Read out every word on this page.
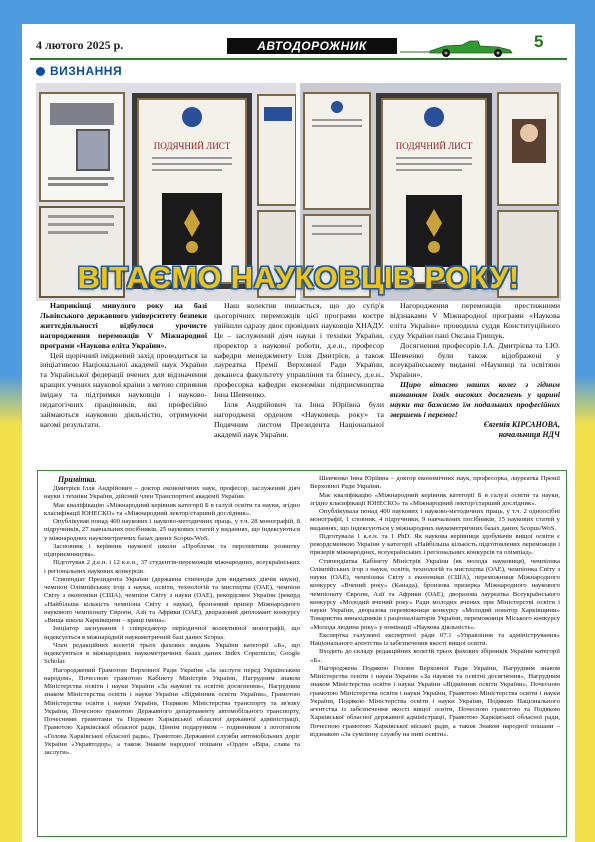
4 лютого 2025 р.	АВТОДОРОЖНИК	5
ВИЗНАННЯ
ПОДЯЧНИЙ ЛИСТ	ПОДЯЧНИЙ ЛИСТ
ВІТАЄМО НАУКОВЦІВ РОКУ!

Наприкінці минулого року на базі Львівського державного університету безпеки життєдіяльності відбулося урочисте нагородження переможців V Міжнародної програми «Наукова еліта України».

Цей щорічний іміджевий захід проводиться за ініціативою Національної академії наук України та Української федерації вчених для відзначення кращих учених наукової країни з метою сприяння іміджу та підтримки науковців і науково-педагогічних працівників, які професійно займаються науковою діяльністю, отримуючи вагомі результати.

Наш колектив пишається, що до суґір'я цьогорічних переможців цієї програми коєтре увійшли одразу двоє провідних науковців ХНАДУ. Це – заслужений діяч науки і техніки України, проректор з наукової роботи, д.е.н., професор кафедри менеджменту Ілля Дмитрієв, а також лауреатка Премії Верховної Ради України, деканеса факультету управління та бізнесу, д.е.н., професорка кафедри економіки підприємництва Інна Шевченко.

Ілля Андрійович та Інна Юріївна були нагороджені орденом «Науковець року» та Подячним листом Президента Національної академії наук України.

Нагородження переможців престижними відзнаками V Міжнародної програми «Наукова еліта України» проводила суддя Конституційного суду України пані Оксана Грищук.

Досягнення професорів І.А. Дмитрієва та І.Ю. Шевченко були також відображені у всеукраїнському виданні «Науковці та освітяни України».

Щиро вітаємо наших колег з гідним визнанням їхніх високих досягнень у царині науки та бажаємо їм подальших професійних звершень і перемог!

Євгенія КІРСАНОВА,
начальниця НДЧ
Примітка.

Дмитрієв Ілля Андрійович – доктор економічних наук, професор, заслужений діяч науки і техніки України, дійсний член Транспортної академії України.

Має кваліфікацію «Міжнародний керівник категорії Б в галузі освіти та науки, згідно класифікації ЮНЕСКО» та «Міжнародний лектор/старший дослідник».

Опублікував понад 400 наукових і науково-методичних праць, у т.ч. 28 монографій, 8 підручників, 27 навчальних посібників, 25 наукових статей у виданнях, що індексуються у міжнародних наукометричних базах даних Scopus/WoS.

Засновник і керівник наукової школи «Проблеми та перспективи розвитку підприємництва».

Підготував 2 д.е.н. і 12 к.е.н., 37 студентів-переможців міжнародних, всеукраїнських і регіональних наукових конкурсів.

Стипендіат Президента України (державна стипендія для видатних діячів науки), чемпіон Олімпійських ігор з науки, освіти, технологій та мистецтва (ОАЕ), чемпіон Світу з економіки (США), чемпіон Світу з науки (ОАЕ), рекордсмен України (рекорд «Найбільша кількість чемпіона Світу з науки), бронзовий призер Міжнародного наукового чемпіонату Європи, Азії та Африки (ОАЕ), дворазовий дипломант конкурсу «Вища школа Харківщини – кращі імена».

Ініціатор заснування і співредактор періодичної колективної монографії, що індексується в міжнародній наукометричній базі даних Scopus.

Член редакційних колегій трьох фахових видань України категорії «Б», що індексуються в міжнародних наукометричних базах даних Index Copernicus, Google Scholar.

Нагороджений Грамотою Верховної Ради України «За заслуги перед Українським народом», Почесною грамотою Кабінету Міністрів України, Нагрудним знаком Міністерства освіти і науки України «За наукові та освітні досягнення», Нагрудним знаком Міністерства освіти і науки України «Відмінник освіти України», Грамотою Міністерства освіти і науки України, Подякою Міністерства транспорту та зв'язку України, Почесною грамотою Державного департаменту автомобільного транспорту, Почесними грамотами та Подякою Харківської обласної державної адміністрації, Грамотою Харківської обласної ради, Ціннім подарунком – годинником з логотипом «Голова Харківської обласної ради», Грамотою Державної служби автомобільних доріг України «Укравтодор», а також Знаком народної пошани «Орден «Віра, слава та заслуги».

Шевченко Інна Юріївна – доктор економічних наук, професорка, лауреатка Премії Верховної Ради України.

Має кваліфікацію «Міжнародний керівник категорії Б в галузі освіти та науки, згідно класифікації ЮНЕСКО» та «Міжнародний лектор/старший дослідник».

Опублікувала понад 400 наукових і науково-методичних праць, у т.ч. 2 одноосібні монографії, 1 словник, 4 підручники, 9 навчальних посібників, 15 наукових статей у виданнях, що індексуються у міжнародних наукометричних базах даних Scopus/WoS.

Підготувала 1 к.е.н. та 1 PhD. Як наукова керівниця здобувачів вищої освіти є рекордсменкою України у категорії «Найбільша кількість підготовлених переможців і призерів міжнародних, всеукраїнських і регіональних конкурсів та олімпіад».

Стипендіатка Кабінету Міністрів України (як молода науковиця), чемпіонка Олімпійських ігор з науки, освіти, технологій та мистецтва (ОАЕ), чемпіонка Світу з науки (ОАЕ), чемпіонка Світу з економіки (США), переможниця Міжнародного конкурсу «Вчений року» (Канада), бронзова призерка Міжнародного наукового чемпіонату Європи, Азії та Африки (ОАЕ), дворазова лауреатка Всеукраїнського конкурсу «Молодий вчений року» Ради молодих вчених при Міністерстві освіти і науки України, дворазова переможниця конкурсу «Молодий новатор Харківщини» Товариства винахідників і раціоналізаторів України, переможниця Міського конкурсу «Молода людина року» у номінації «Наукова діяльність».

Експертка галузевої експертної ради 07.1 «Управління та адміністрування» Національного агентства із забезпечення якості вищої освіти.

Входить до складу редакційних колегій трьох фахових збірників України категорії «Б».

Нагороджена Подякою Голови Верховної Ради України, Нагрудним знаком Міністерства освіти і науки України «За наукові та освітні досягнення», Нагрудним знаком Міністерства освіти і науки України «Відмінник освіти України», Почесною грамотою Міністерства освіти і науки України, Грамотою Міністерства освіти і науки України, Подякою Міністерства освіти і науки України, Подякою Національного агентства із забезпечення якості вищої освіти, Почесною грамотою та Подякою Харківської обласної державної адміністрації, Грамотою Харківської обласної ради, Почесною грамотою Харківської міської ради, а також Знаком народної пошани – відзнакою «За сумлінну службу на ниві освіти».
